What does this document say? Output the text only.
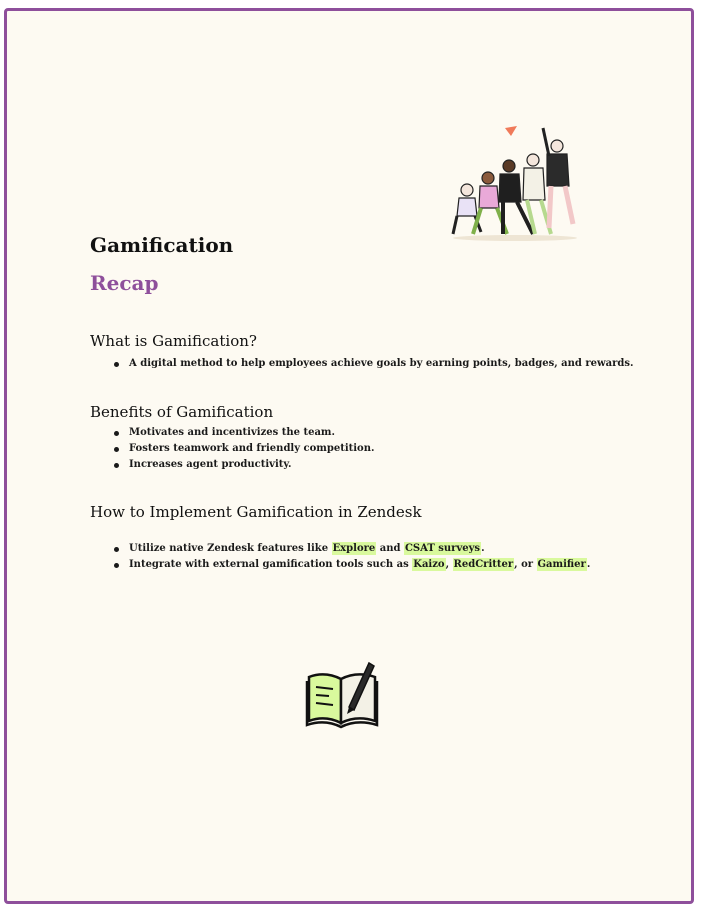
Gamification
Recap
What is Gamification?
A digital method to help employees achieve goals by earning points, badges, and rewards.
Benefits of Gamification
Motivates and incentivizes the team.
Fosters teamwork and friendly competition.
Increases agent productivity.
How to Implement Gamification in Zendesk
Utilize native Zendesk features like Explore and CSAT surveys.
Integrate with external gamification tools such as Kaizo, RedCritter, or Gamifier.
